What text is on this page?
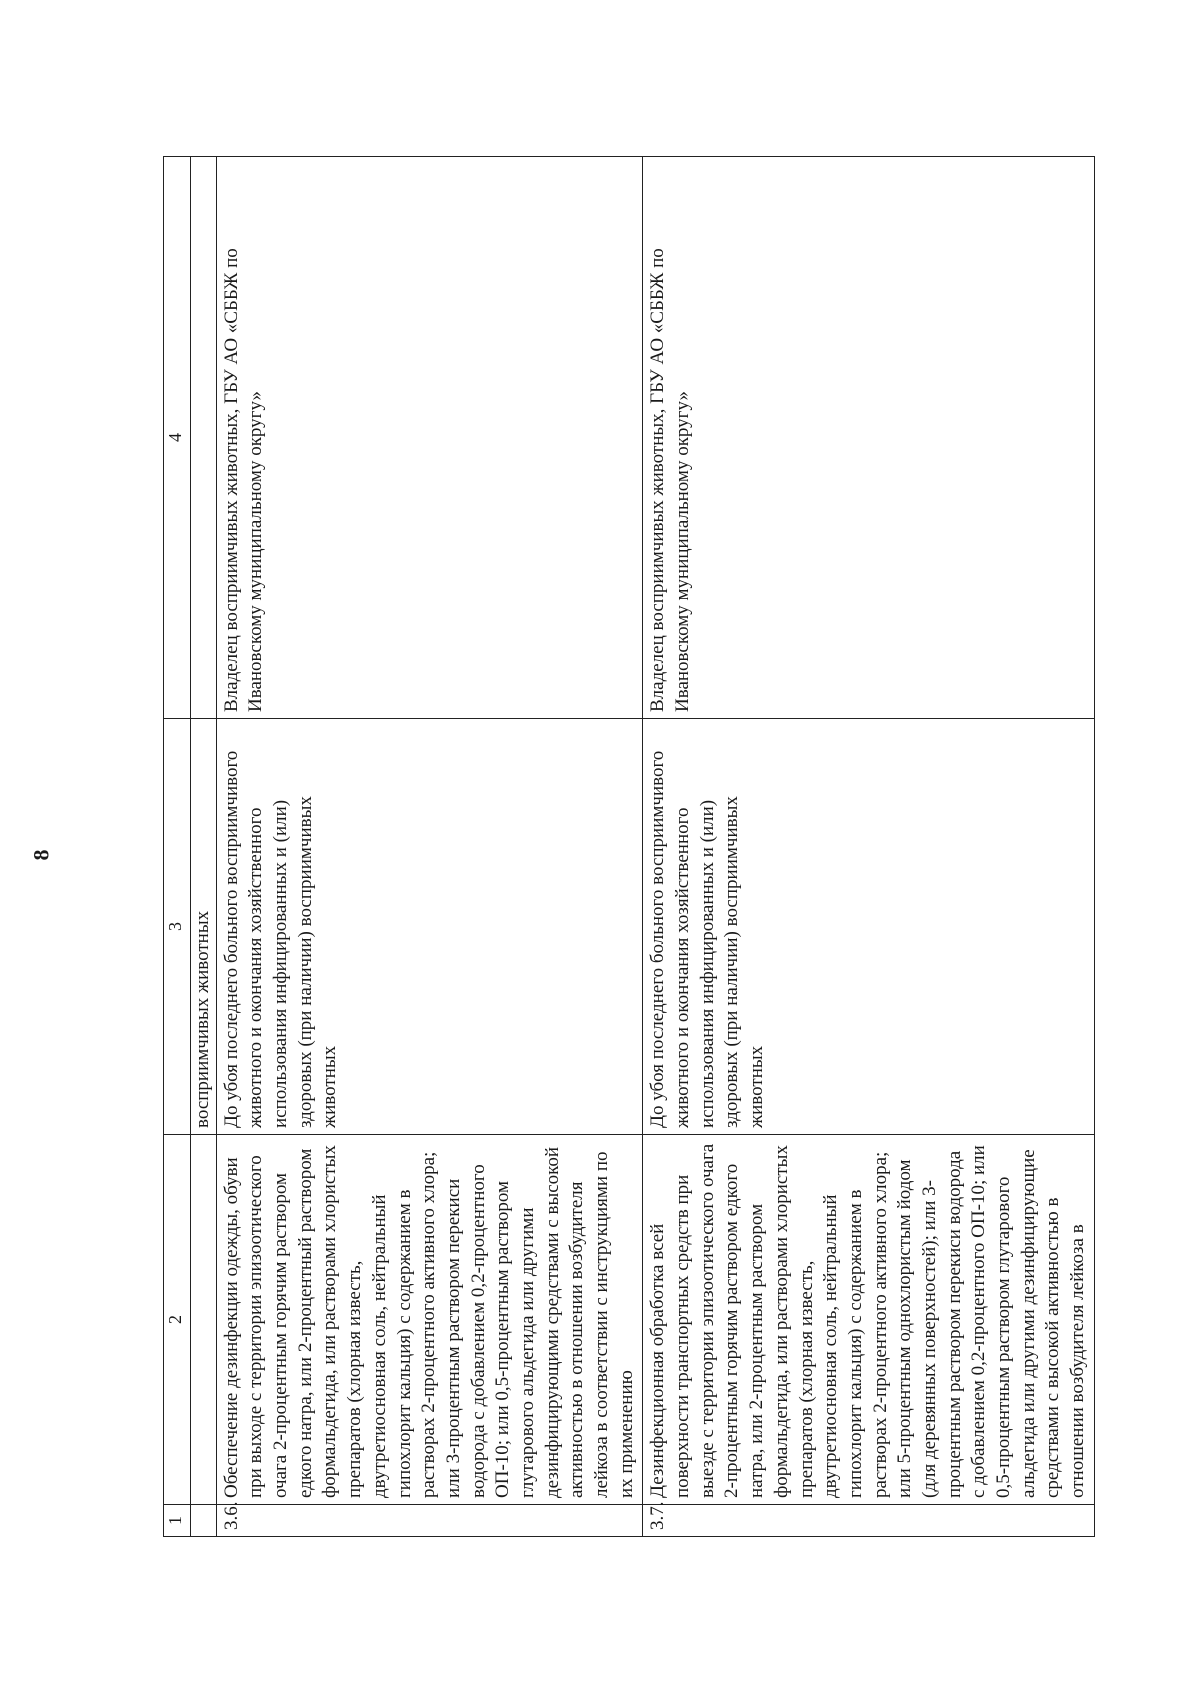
8
1	2	3	4
		восприимчивых животных	
3.6.	Обеспечение дезинфекции одежды, обуви при выходе с территории эпизоотического очага 2-процентным горячим раствором едкого натра, или 2-процентный раствором формальдегида, или растворами хлористых препаратов (хлорная известь, двутретиосновная соль, нейтральный гипохлорит кальция) с содержанием в растворах 2-процентного активного хлора; или 3-процентным раствором перекиси водорода с добавлением 0,2-процентного ОП-10; или 0,5-процентным раствором глутарового альдегида или другими дезинфицирующими средствами с высокой активностью в отношении возбудителя лейкоза в соответствии с инструкциями по их применению	До убоя последнего больного восприимчивого животного и окончания хозяйственного использования инфицированных и (или) здоровых (при наличии) восприимчивых животных	Владелец восприимчивых животных, ГБУ АО «СББЖ по Ивановскому муниципальному округу»
3.7.	Дезинфекционная обработка всей поверхности транспортных средств при выезде с территории эпизоотического очага 2-процентным горячим раствором едкого натра, или 2-процентным раствором формальдегида, или растворами хлористых препаратов (хлорная известь, двутретиосновная соль, нейтральный гипохлорит кальция) с содержанием в растворах 2-процентного активного хлора; или 5-процентным однохлористым йодом (для деревянных поверхностей); или 3-процентным раствором перекиси водорода с добавлением 0,2-процентного ОП-10; или 0,5-процентным раствором глутарового альдегида или другими дезинфицирующие средствами с высокой активностью в отношении возбудителя лейкоза в	До убоя последнего больного восприимчивого животного и окончания хозяйственного использования инфицированных и (или) здоровых (при наличии) восприимчивых животных	Владелец восприимчивых животных, ГБУ АО «СББЖ по Ивановскому муниципальному округу»
